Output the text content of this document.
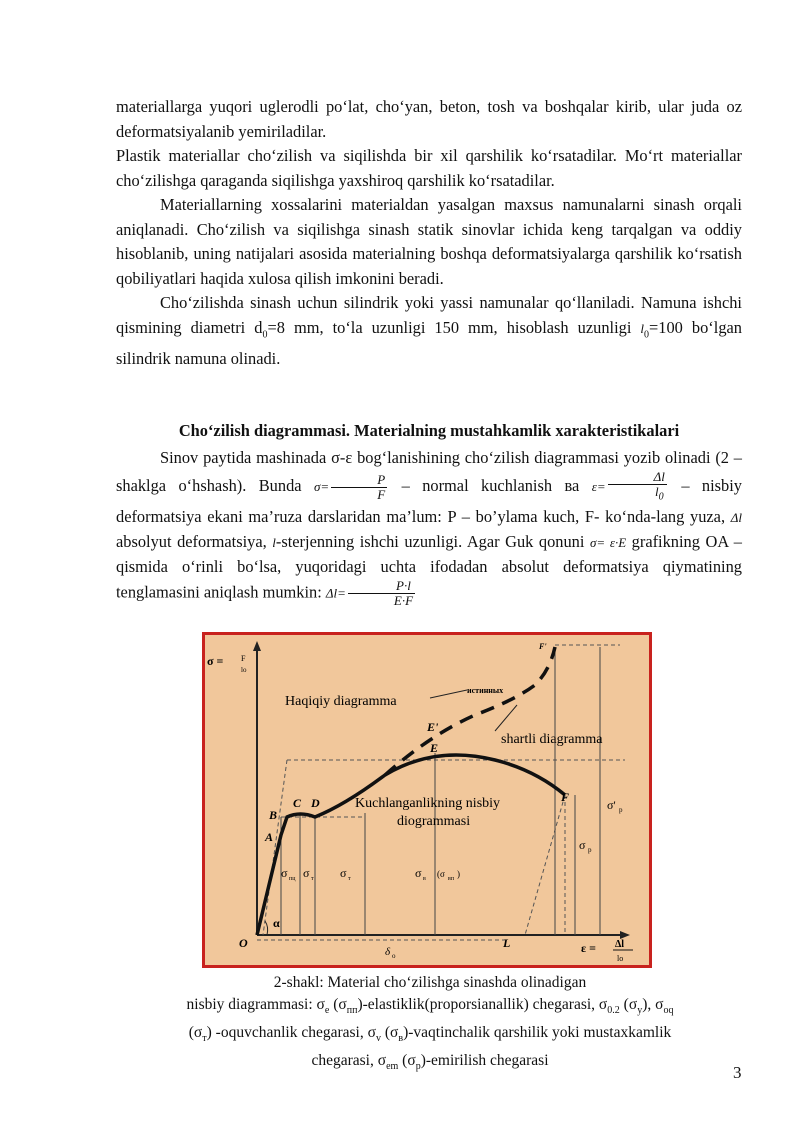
materiallarga yuqori uglerodli po‘lat, cho‘yan, beton, tosh va boshqalar kirib, ular juda oz deformatsiyalanib yemiriladilar.

Plastik materiallar cho‘zilish va siqilishda bir xil qarshilik ko‘rsatadilar. Mo‘rt materiallar cho‘zilishga qaraganda siqilishga yaxshiroq qarshilik ko‘rsatadilar.

Materiallarning xossalarini materialdan yasalgan maxsus namunalarni sinash orqali aniqlanadi. Cho‘zilish va siqilishga sinash statik sinovlar ichida keng tarqalgan va oddiy hisoblanib, uning natijalari asosida materialning boshqa deformatsiyalarga qarshilik ko‘rsatish qobiliyatlari haqida xulosa qilish imkonini beradi.

Cho‘zilishda sinash uchun silindrik yoki yassi namunalar qo‘llaniladi. Namuna ishchi qismining diametri $d_0=8$ mm, to‘la uzunligi 150 mm, hisoblash uzunligi $l_0=100$ bo‘lgan silindrik namuna olinadi.

Cho‘zilish diagrammasi. Materialning mustahkamlik xarakteristikalari

Sinov paytida mashinada σ-ε bog‘lanishining cho‘zilish diagrammasi yozib olinadi (2 – shaklga o‘hshash). Bunda $\sigma= \frac{P}{F}$ – normal kuchlanish ва $\varepsilon= \frac{\Delta l}{l_0}$ – nisbiy deformatsiya ekani ma’ruza darslaridan ma’lum: P – bo’ylama kuch, F- ko‘nda-lang yuza, Δl absolyut deformatsiya, l-sterjenning ishchi uzunligi. Agar Guk qonuni σ= ε·E grafikning OA – qismida o‘rinli bo‘lsa, yuqoridagi uchta ifodadan absolut deformatsiya qiymatining tenglamasini aniqlash mumkin: $\Delta l= \frac{P\cdot l}{E\cdot F}$

σ = F
lo
Haqiqiy diagramma
истинных
shartli diagramma
Kuchlanganlikning nisbiy
diogrammasi
O
A
B
C D
E
E'
F
F'
L
α
δ o
σ пц σ т σ т	σ в (σ вп )
σ p
σ' p
ε = Δl
lo
2-shakl: Material cho‘zilishga sinashda olinadigan
nisbiy diagrammasi: $\sigma_e$ $(\sigma_{пп})-elastiklik(proporsianallik)$ chegarasi, $\sigma_{0.2}$ $(\sigma_y)$, $\sigma_{oq}$
$(\sigma_т)$ -oquvchanlik chegarasi, $\sigma_v$ $(\sigma_в)$-vaqtinchalik qarshilik yoki mustaxkamlik
chegarasi, $\sigma_{em}$ $(\sigma_p)$-emirilish chegarasi
3
